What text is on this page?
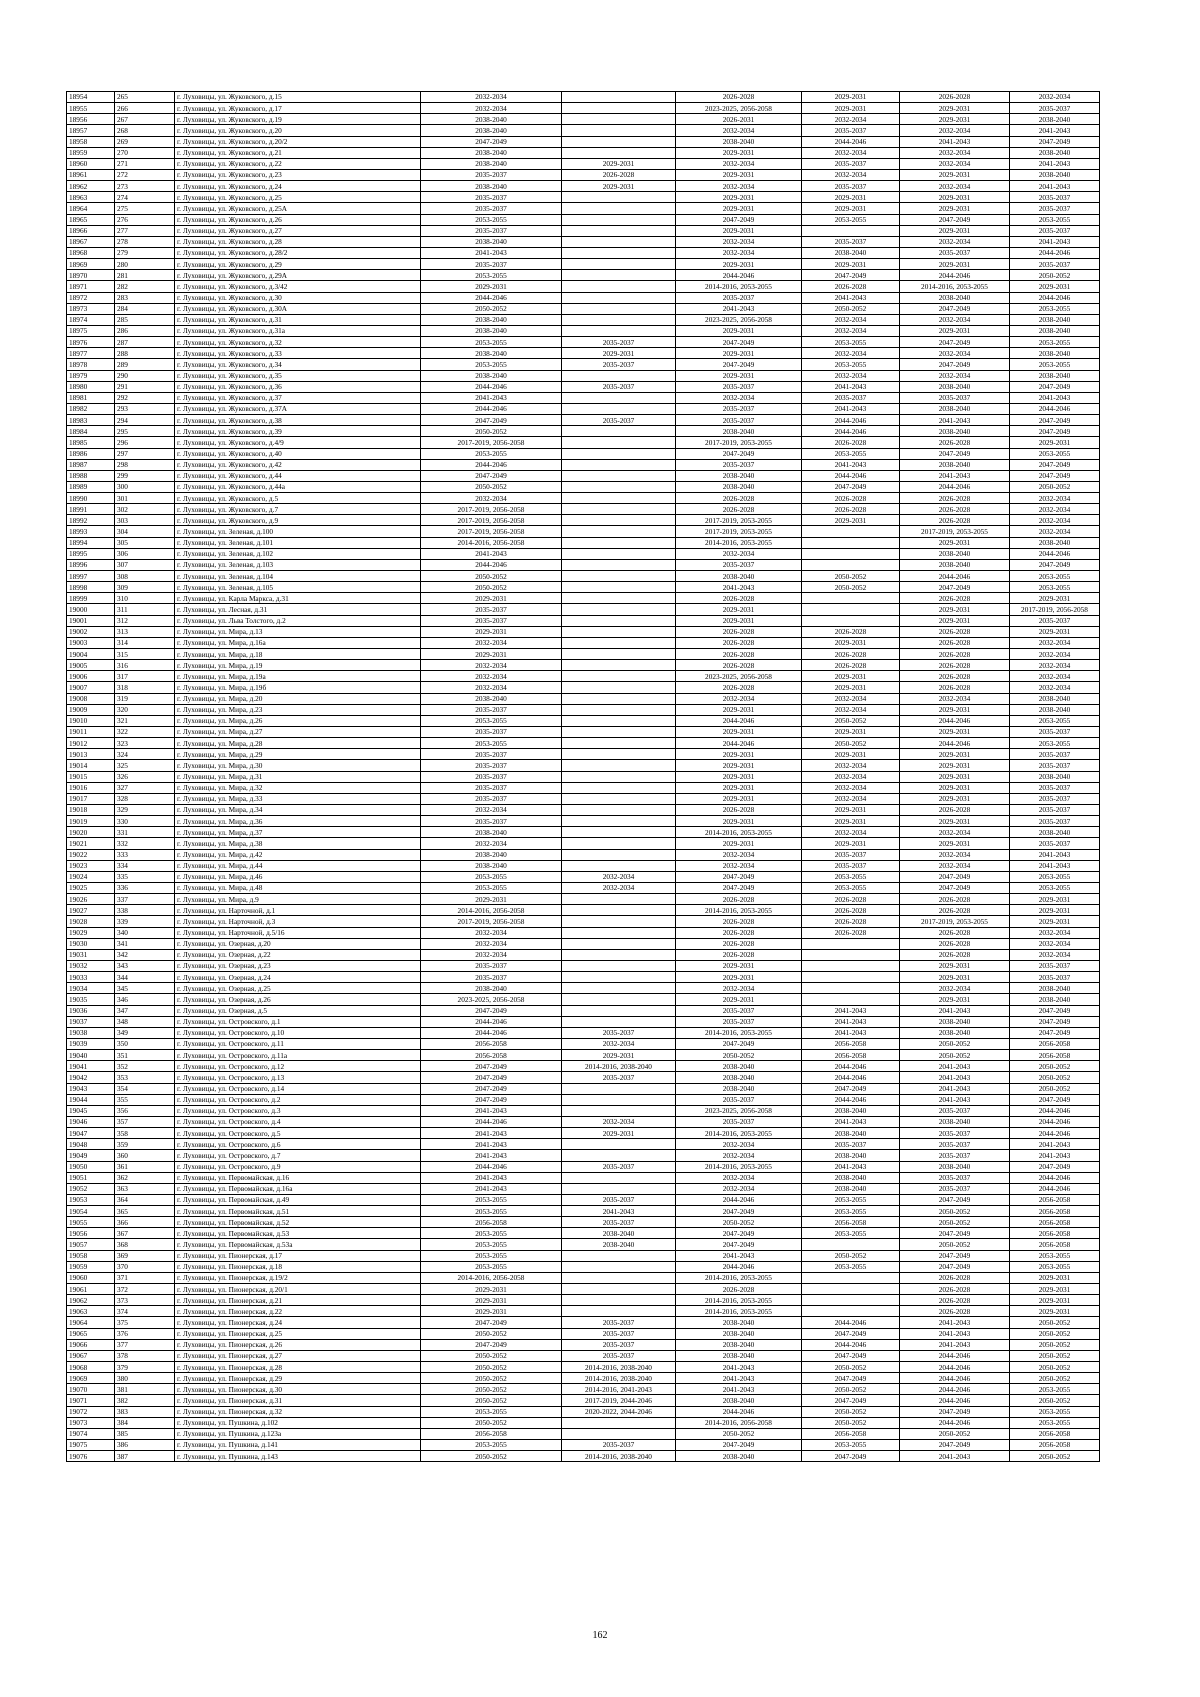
18954	265	г. Луховицы, ул. Жуковского, д.15	2032-2034		2026-2028	2029-2031	2026-2028	2032-2034
18955	266	г. Луховицы, ул. Жуковского, д.17	2032-2034		2023-2025, 2056-2058	2029-2031	2029-2031	2035-2037
18956	267	г. Луховицы, ул. Жуковского, д.19	2038-2040		2026-2031	2032-2034	2029-2031	2038-2040
18957	268	г. Луховицы, ул. Жуковского, д.20	2038-2040		2032-2034	2035-2037	2032-2034	2041-2043
18958	269	г. Луховицы, ул. Жуковского, д.20/2	2047-2049		2038-2040	2044-2046	2041-2043	2047-2049
18959	270	г. Луховицы, ул. Жуковского, д.21	2038-2040		2029-2031	2032-2034	2032-2034	2038-2040
18960	271	г. Луховицы, ул. Жуковского, д.22	2038-2040	2029-2031	2032-2034	2035-2037	2032-2034	2041-2043
18961	272	г. Луховицы, ул. Жуковского, д.23	2035-2037	2026-2028	2029-2031	2032-2034	2029-2031	2038-2040
18962	273	г. Луховицы, ул. Жуковского, д.24	2038-2040	2029-2031	2032-2034	2035-2037	2032-2034	2041-2043
18963	274	г. Луховицы, ул. Жуковского, д.25	2035-2037		2029-2031	2029-2031	2029-2031	2035-2037
18964	275	г. Луховицы, ул. Жуковского, д.25А	2035-2037		2029-2031	2029-2031	2029-2031	2035-2037
18965	276	г. Луховицы, ул. Жуковского, д.26	2053-2055		2047-2049	2053-2055	2047-2049	2053-2055
18966	277	г. Луховицы, ул. Жуковского, д.27	2035-2037		2029-2031		2029-2031	2035-2037
18967	278	г. Луховицы, ул. Жуковского, д.28	2038-2040		2032-2034	2035-2037	2032-2034	2041-2043
18968	279	г. Луховицы, ул. Жуковского, д.28/2	2041-2043		2032-2034	2038-2040	2035-2037	2044-2046
18969	280	г. Луховицы, ул. Жуковского, д.29	2035-2037		2029-2031	2029-2031	2029-2031	2035-2037
18970	281	г. Луховицы, ул. Жуковского, д.29А	2053-2055		2044-2046	2047-2049	2044-2046	2050-2052
18971	282	г. Луховицы, ул. Жуковского, д.3/42	2029-2031		2014-2016, 2053-2055	2026-2028	2014-2016, 2053-2055	2029-2031
18972	283	г. Луховицы, ул. Жуковского, д.30	2044-2046		2035-2037	2041-2043	2038-2040	2044-2046
18973	284	г. Луховицы, ул. Жуковского, д.30А	2050-2052		2041-2043	2050-2052	2047-2049	2053-2055
18974	285	г. Луховицы, ул. Жуковского, д.31	2038-2040		2023-2025, 2056-2058	2032-2034	2032-2034	2038-2040
18975	286	г. Луховицы, ул. Жуковского, д.31а	2038-2040		2029-2031	2032-2034	2029-2031	2038-2040
18976	287	г. Луховицы, ул. Жуковского, д.32	2053-2055	2035-2037	2047-2049	2053-2055	2047-2049	2053-2055
18977	288	г. Луховицы, ул. Жуковского, д.33	2038-2040	2029-2031	2029-2031	2032-2034	2032-2034	2038-2040
18978	289	г. Луховицы, ул. Жуковского, д.34	2053-2055	2035-2037	2047-2049	2053-2055	2047-2049	2053-2055
18979	290	г. Луховицы, ул. Жуковского, д.35	2038-2040		2029-2031	2032-2034	2032-2034	2038-2040
18980	291	г. Луховицы, ул. Жуковского, д.36	2044-2046	2035-2037	2035-2037	2041-2043	2038-2040	2047-2049
18981	292	г. Луховицы, ул. Жуковского, д.37	2041-2043		2032-2034	2035-2037	2035-2037	2041-2043
18982	293	г. Луховицы, ул. Жуковского, д.37А	2044-2046		2035-2037	2041-2043	2038-2040	2044-2046
18983	294	г. Луховицы, ул. Жуковского, д.38	2047-2049	2035-2037	2035-2037	2044-2046	2041-2043	2047-2049
18984	295	г. Луховицы, ул. Жуковского, д.39	2050-2052		2038-2040	2044-2046	2038-2040	2047-2049
18985	296	г. Луховицы, ул. Жуковского, д.4/9	2017-2019, 2056-2058		2017-2019, 2053-2055	2026-2028	2026-2028	2029-2031
18986	297	г. Луховицы, ул. Жуковского, д.40	2053-2055		2047-2049	2053-2055	2047-2049	2053-2055
18987	298	г. Луховицы, ул. Жуковского, д.42	2044-2046		2035-2037	2041-2043	2038-2040	2047-2049
18988	299	г. Луховицы, ул. Жуковского, д.44	2047-2049		2038-2040	2044-2046	2041-2043	2047-2049
18989	300	г. Луховицы, ул. Жуковского, д.44а	2050-2052		2038-2040	2047-2049	2044-2046	2050-2052
18990	301	г. Луховицы, ул. Жуковского, д.5	2032-2034		2026-2028	2026-2028	2026-2028	2032-2034
18991	302	г. Луховицы, ул. Жуковского, д.7	2017-2019, 2056-2058		2026-2028	2026-2028	2026-2028	2032-2034
18992	303	г. Луховицы, ул. Жуковского, д.9	2017-2019, 2056-2058		2017-2019, 2053-2055	2029-2031	2026-2028	2032-2034
18993	304	г. Луховицы, ул. Зеленая, д.100	2017-2019, 2056-2058		2017-2019, 2053-2055		2017-2019, 2053-2055	2032-2034
18994	305	г. Луховицы, ул. Зеленая, д.101	2014-2016, 2056-2058		2014-2016, 2053-2055		2029-2031	2038-2040
18995	306	г. Луховицы, ул. Зеленая, д.102	2041-2043		2032-2034		2038-2040	2044-2046
18996	307	г. Луховицы, ул. Зеленая, д.103	2044-2046		2035-2037		2038-2040	2047-2049
18997	308	г. Луховицы, ул. Зеленая, д.104	2050-2052		2038-2040	2050-2052	2044-2046	2053-2055
18998	309	г. Луховицы, ул. Зеленая, д.105	2050-2052		2041-2043	2050-2052	2047-2049	2053-2055
18999	310	г. Луховицы, ул. Карла Маркса, д.31	2029-2031		2026-2028		2026-2028	2029-2031
19000	311	г. Луховицы, ул. Лесная, д.31	2035-2037		2029-2031		2029-2031	2017-2019, 2056-2058
19001	312	г. Луховицы, ул. Льва Толстого, д.2	2035-2037		2029-2031		2029-2031	2035-2037
19002	313	г. Луховицы, ул. Мира, д.13	2029-2031		2026-2028	2026-2028	2026-2028	2029-2031
19003	314	г. Луховицы, ул. Мира, д.16а	2032-2034		2026-2028	2029-2031	2026-2028	2032-2034
19004	315	г. Луховицы, ул. Мира, д.18	2029-2031		2026-2028	2026-2028	2026-2028	2032-2034
19005	316	г. Луховицы, ул. Мира, д.19	2032-2034		2026-2028	2026-2028	2026-2028	2032-2034
19006	317	г. Луховицы, ул. Мира, д.19а	2032-2034		2023-2025, 2056-2058	2029-2031	2026-2028	2032-2034
19007	318	г. Луховицы, ул. Мира, д.19б	2032-2034		2026-2028	2029-2031	2026-2028	2032-2034
19008	319	г. Луховицы, ул. Мира, д.20	2038-2040		2032-2034	2032-2034	2032-2034	2038-2040
19009	320	г. Луховицы, ул. Мира, д.23	2035-2037		2029-2031	2032-2034	2029-2031	2038-2040
19010	321	г. Луховицы, ул. Мира, д.26	2053-2055		2044-2046	2050-2052	2044-2046	2053-2055
19011	322	г. Луховицы, ул. Мира, д.27	2035-2037		2029-2031	2029-2031	2029-2031	2035-2037
19012	323	г. Луховицы, ул. Мира, д.28	2053-2055		2044-2046	2050-2052	2044-2046	2053-2055
19013	324	г. Луховицы, ул. Мира, д.29	2035-2037		2029-2031	2029-2031	2029-2031	2035-2037
19014	325	г. Луховицы, ул. Мира, д.30	2035-2037		2029-2031	2032-2034	2029-2031	2035-2037
19015	326	г. Луховицы, ул. Мира, д.31	2035-2037		2029-2031	2032-2034	2029-2031	2038-2040
19016	327	г. Луховицы, ул. Мира, д.32	2035-2037		2029-2031	2032-2034	2029-2031	2035-2037
19017	328	г. Луховицы, ул. Мира, д.33	2035-2037		2029-2031	2032-2034	2029-2031	2035-2037
19018	329	г. Луховицы, ул. Мира, д.34	2032-2034		2026-2028	2029-2031	2026-2028	2035-2037
19019	330	г. Луховицы, ул. Мира, д.36	2035-2037		2029-2031	2029-2031	2029-2031	2035-2037
19020	331	г. Луховицы, ул. Мира, д.37	2038-2040		2014-2016, 2053-2055	2032-2034	2032-2034	2038-2040
19021	332	г. Луховицы, ул. Мира, д.38	2032-2034		2029-2031	2029-2031	2029-2031	2035-2037
19022	333	г. Луховицы, ул. Мира, д.42	2038-2040		2032-2034	2035-2037	2032-2034	2041-2043
19023	334	г. Луховицы, ул. Мира, д.44	2038-2040		2032-2034	2035-2037	2032-2034	2041-2043
19024	335	г. Луховицы, ул. Мира, д.46	2053-2055	2032-2034	2047-2049	2053-2055	2047-2049	2053-2055
19025	336	г. Луховицы, ул. Мира, д.48	2053-2055	2032-2034	2047-2049	2053-2055	2047-2049	2053-2055
19026	337	г. Луховицы, ул. Мира, д.9	2029-2031		2026-2028	2026-2028	2026-2028	2029-2031
19027	338	г. Луховицы, ул. Нарточной, д.1	2014-2016, 2056-2058		2014-2016, 2053-2055	2026-2028	2026-2028	2029-2031
19028	339	г. Луховицы, ул. Нарточной, д.3	2017-2019, 2056-2058		2026-2028	2026-2028	2017-2019, 2053-2055	2029-2031
19029	340	г. Луховицы, ул. Нарточной, д.5/16	2032-2034		2026-2028	2026-2028	2026-2028	2032-2034
19030	341	г. Луховицы, ул. Озерная, д.20	2032-2034		2026-2028		2026-2028	2032-2034
19031	342	г. Луховицы, ул. Озерная, д.22	2032-2034		2026-2028		2026-2028	2032-2034
19032	343	г. Луховицы, ул. Озерная, д.23	2035-2037		2029-2031		2029-2031	2035-2037
19033	344	г. Луховицы, ул. Озерная, д.24	2035-2037		2029-2031		2029-2031	2035-2037
19034	345	г. Луховицы, ул. Озерная, д.25	2038-2040		2032-2034		2032-2034	2038-2040
19035	346	г. Луховицы, ул. Озерная, д.26	2023-2025, 2056-2058		2029-2031		2029-2031	2038-2040
19036	347	г. Луховицы, ул. Озерная, д.5	2047-2049		2035-2037	2041-2043	2041-2043	2047-2049
19037	348	г. Луховицы, ул. Островского, д.1	2044-2046		2035-2037	2041-2043	2038-2040	2047-2049
19038	349	г. Луховицы, ул. Островского, д.10	2044-2046	2035-2037	2014-2016, 2053-2055	2041-2043	2038-2040	2047-2049
19039	350	г. Луховицы, ул. Островского, д.11	2056-2058	2032-2034	2047-2049	2056-2058	2050-2052	2056-2058
19040	351	г. Луховицы, ул. Островского, д.11а	2056-2058	2029-2031	2050-2052	2056-2058	2050-2052	2056-2058
19041	352	г. Луховицы, ул. Островского, д.12	2047-2049	2014-2016, 2038-2040	2038-2040	2044-2046	2041-2043	2050-2052
19042	353	г. Луховицы, ул. Островского, д.13	2047-2049	2035-2037	2038-2040	2044-2046	2041-2043	2050-2052
19043	354	г. Луховицы, ул. Островского, д.14	2047-2049		2038-2040	2047-2049	2041-2043	2050-2052
19044	355	г. Луховицы, ул. Островского, д.2	2047-2049		2035-2037	2044-2046	2041-2043	2047-2049
19045	356	г. Луховицы, ул. Островского, д.3	2041-2043		2023-2025, 2056-2058	2038-2040	2035-2037	2044-2046
19046	357	г. Луховицы, ул. Островского, д.4	2044-2046	2032-2034	2035-2037	2041-2043	2038-2040	2044-2046
19047	358	г. Луховицы, ул. Островского, д.5	2041-2043	2029-2031	2014-2016, 2053-2055	2038-2040	2035-2037	2044-2046
19048	359	г. Луховицы, ул. Островского, д.6	2041-2043		2032-2034	2035-2037	2035-2037	2041-2043
19049	360	г. Луховицы, ул. Островского, д.7	2041-2043		2032-2034	2038-2040	2035-2037	2041-2043
19050	361	г. Луховицы, ул. Островского, д.9	2044-2046	2035-2037	2014-2016, 2053-2055	2041-2043	2038-2040	2047-2049
19051	362	г. Луховицы, ул. Первомайская, д.16	2041-2043		2032-2034	2038-2040	2035-2037	2044-2046
19052	363	г. Луховицы, ул. Первомайская, д.16а	2041-2043		2032-2034	2038-2040	2035-2037	2044-2046
19053	364	г. Луховицы, ул. Первомайская, д.49	2053-2055	2035-2037	2044-2046	2053-2055	2047-2049	2056-2058
19054	365	г. Луховицы, ул. Первомайская, д.51	2053-2055	2041-2043	2047-2049	2053-2055	2050-2052	2056-2058
19055	366	г. Луховицы, ул. Первомайская, д.52	2056-2058	2035-2037	2050-2052	2056-2058	2050-2052	2056-2058
19056	367	г. Луховицы, ул. Первомайская, д.53	2053-2055	2038-2040	2047-2049	2053-2055	2047-2049	2056-2058
19057	368	г. Луховицы, ул. Первомайская, д.53а	2053-2055	2038-2040	2047-2049		2050-2052	2056-2058
19058	369	г. Луховицы, ул. Пионерская, д.17	2053-2055		2041-2043	2050-2052	2047-2049	2053-2055
19059	370	г. Луховицы, ул. Пионерская, д.18	2053-2055		2044-2046	2053-2055	2047-2049	2053-2055
19060	371	г. Луховицы, ул. Пионерская, д.19/2	2014-2016, 2056-2058		2014-2016, 2053-2055		2026-2028	2029-2031
19061	372	г. Луховицы, ул. Пионерская, д.20/1	2029-2031		2026-2028		2026-2028	2029-2031
19062	373	г. Луховицы, ул. Пионерская, д.21	2029-2031		2014-2016, 2053-2055		2026-2028	2029-2031
19063	374	г. Луховицы, ул. Пионерская, д.22	2029-2031		2014-2016, 2053-2055		2026-2028	2029-2031
19064	375	г. Луховицы, ул. Пионерская, д.24	2047-2049	2035-2037	2038-2040	2044-2046	2041-2043	2050-2052
19065	376	г. Луховицы, ул. Пионерская, д.25	2050-2052	2035-2037	2038-2040	2047-2049	2041-2043	2050-2052
19066	377	г. Луховицы, ул. Пионерская, д.26	2047-2049	2035-2037	2038-2040	2044-2046	2041-2043	2050-2052
19067	378	г. Луховицы, ул. Пионерская, д.27	2050-2052	2035-2037	2038-2040	2047-2049	2044-2046	2050-2052
19068	379	г. Луховицы, ул. Пионерская, д.28	2050-2052	2014-2016, 2038-2040	2041-2043	2050-2052	2044-2046	2050-2052
19069	380	г. Луховицы, ул. Пионерская, д.29	2050-2052	2014-2016, 2038-2040	2041-2043	2047-2049	2044-2046	2050-2052
19070	381	г. Луховицы, ул. Пионерская, д.30	2050-2052	2014-2016, 2041-2043	2041-2043	2050-2052	2044-2046	2053-2055
19071	382	г. Луховицы, ул. Пионерская, д.31	2050-2052	2017-2019, 2044-2046	2038-2040	2047-2049	2044-2046	2050-2052
19072	383	г. Луховицы, ул. Пионерская, д.32	2053-2055	2020-2022, 2044-2046	2044-2046	2050-2052	2047-2049	2053-2055
19073	384	г. Луховицы, ул. Пушкина, д.102	2050-2052		2014-2016, 2056-2058	2050-2052	2044-2046	2053-2055
19074	385	г. Луховицы, ул. Пушкина, д.123а	2056-2058		2050-2052	2056-2058	2050-2052	2056-2058
19075	386	г. Луховицы, ул. Пушкина, д.141	2053-2055	2035-2037	2047-2049	2053-2055	2047-2049	2056-2058
19076	387	г. Луховицы, ул. Пушкина, д.143	2050-2052	2014-2016, 2038-2040	2038-2040	2047-2049	2041-2043	2050-2052
162
